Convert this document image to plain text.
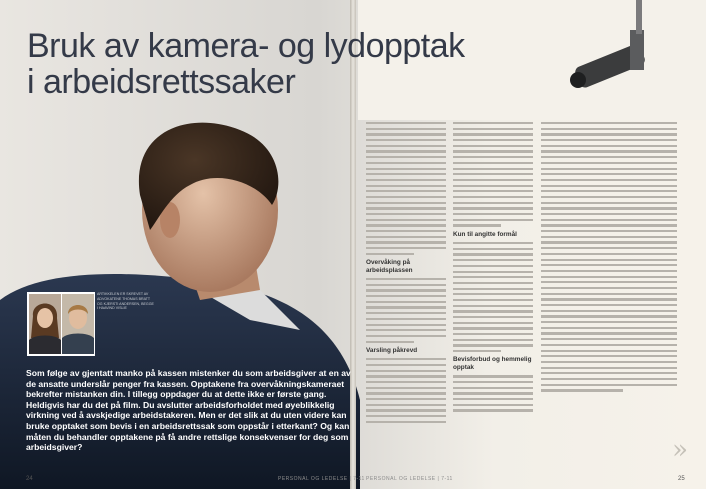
Bruk av kamera- og lydopptak
i arbeidsrettssaker
ARTIKKELEN ER SKREVET AV ADVOKATENE THOMAS BRATT OG KJERSTI ANDERSEN, BEGGE I HAAVIND VISLIE
Som følge av gjentatt manko på kassen mistenker du som arbeidsgiver at en av de ansatte underslår penger fra kassen. Opptakene fra overvåkningskameraet bekrefter mistanken din. I tillegg oppdager du at dette ikke er første gang. Heldigvis har du det på film. Du avslutter arbeidsforholdet med øyeblikkelig virkning ved å avskjedige arbeidstakeren. Men er det slik at du uten videre kan bruke opptaket som bevis i en arbeidsrettssak som oppstår i etterkant? Og kan måten du behandler opptakene på få andre rettslige konsekvenser for deg som arbeidsgiver?
Overvåking på arbeidsplassen
Varsling påkrevd
Kun til angitte formål
Bevisforbud og hemmelig opptak
»
24	PERSONAL OG LEDELSE | 7-11 PERSONAL OG LEDELSE | 7-11	25
